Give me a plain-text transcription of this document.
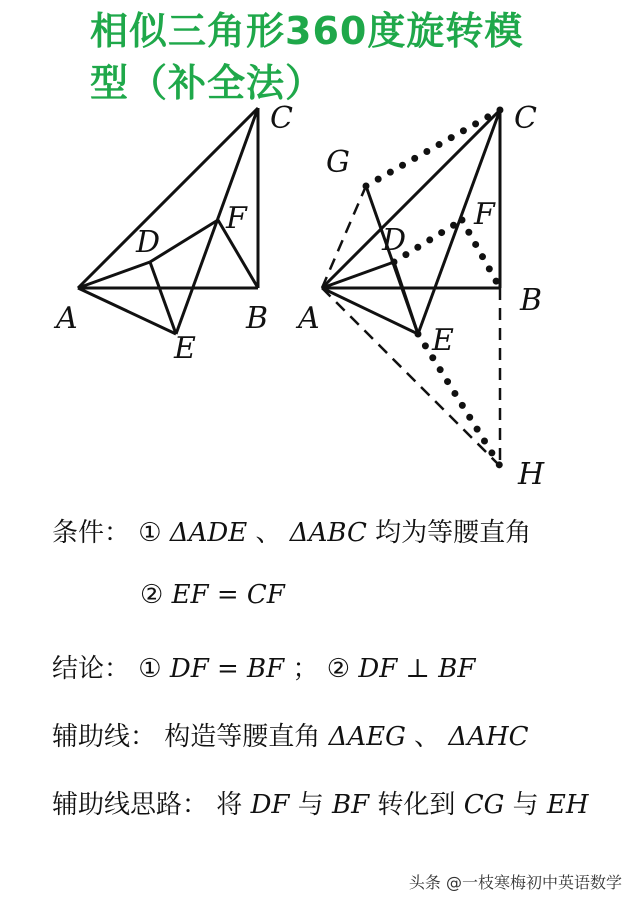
相似三角形360度旋转模
型（补全法）
A	B
C
D
E
F
A
B
C
D
E
F
G
H
条件： ① ΔADE 、 ΔABC 均为等腰直角
② EF = CF
结论： ① DF = BF ； ② DF ⊥ BF
辅助线： 构造等腰直角 ΔAEG 、 ΔAHC
辅助线思路： 将 DF 与 BF 转化到 CG 与 EH
头条 @一枝寒梅初中英语数学
